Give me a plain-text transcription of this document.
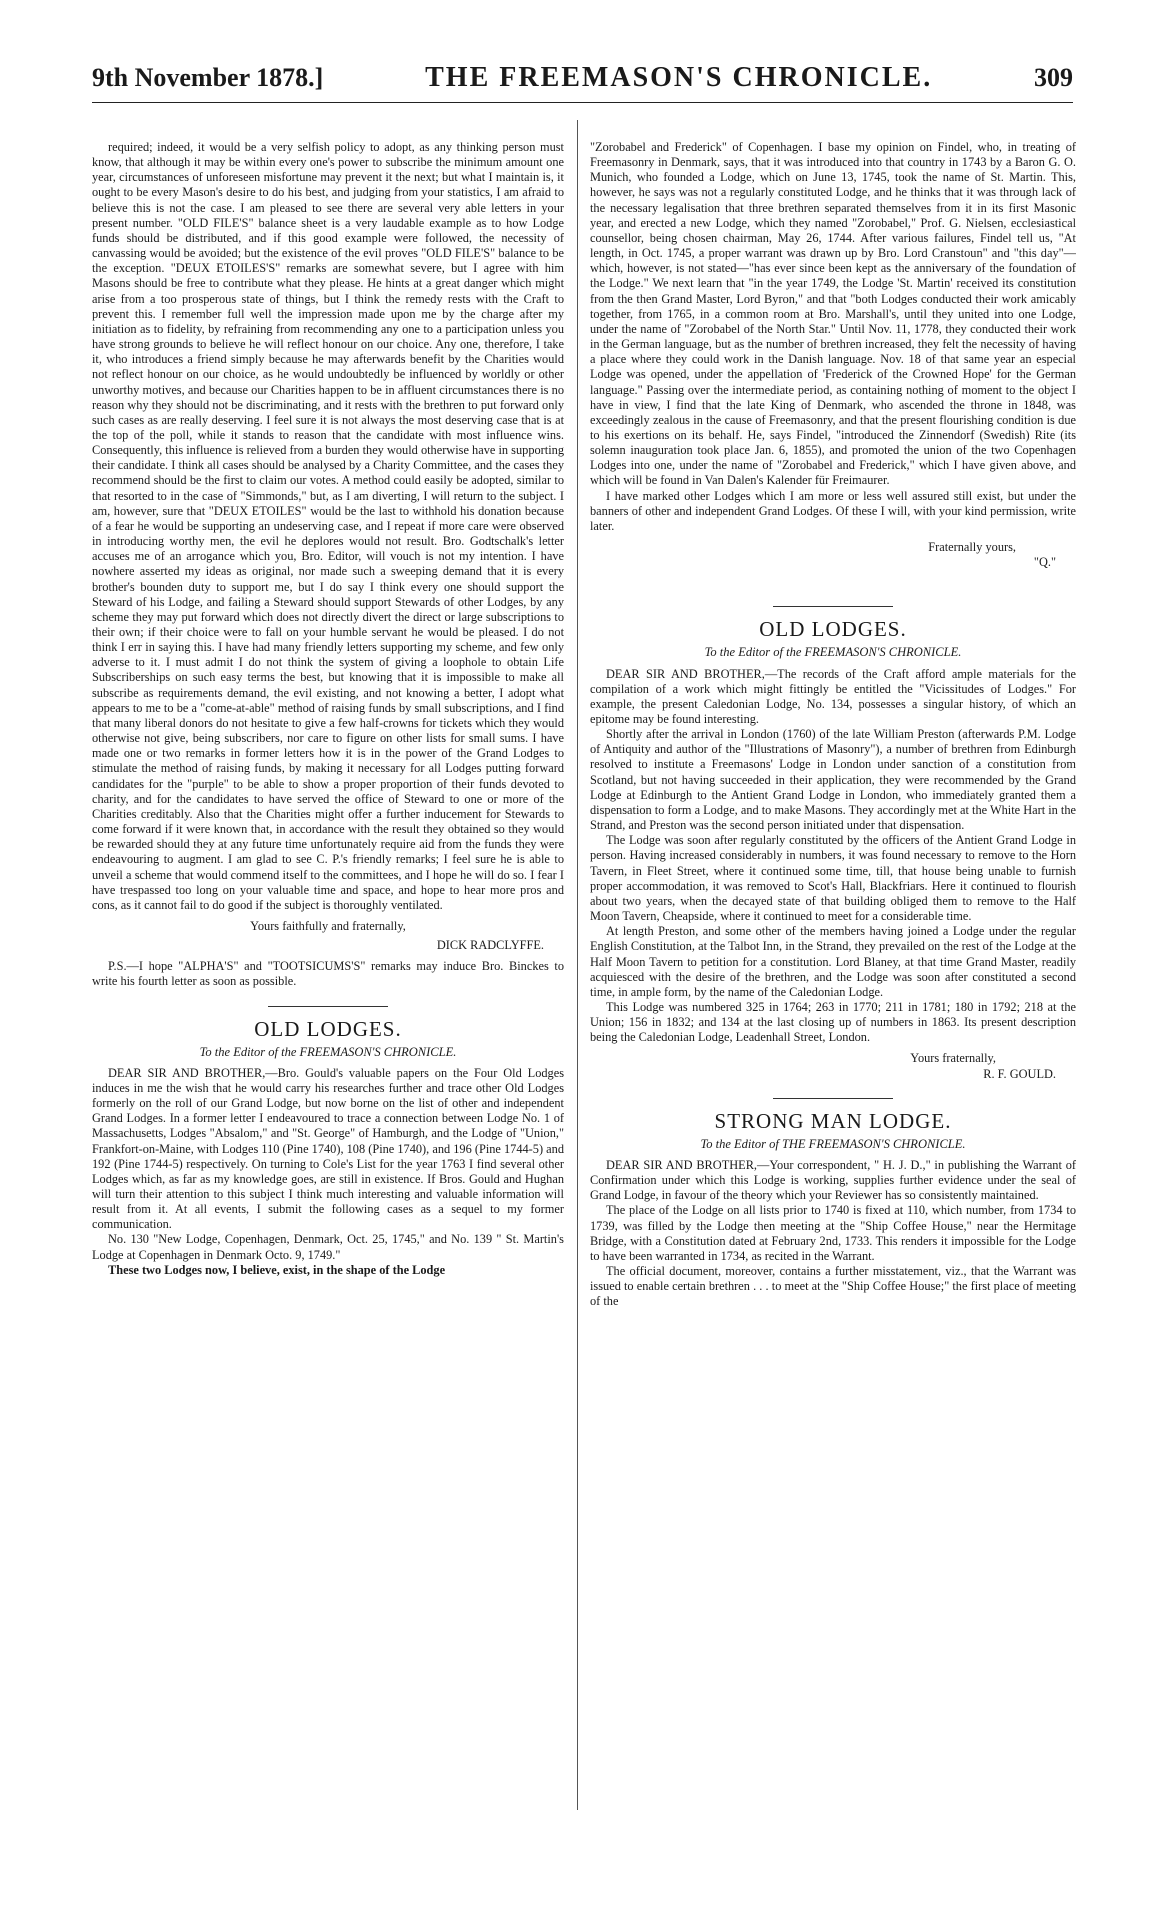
9th November 1878.]	THE FREEMASON'S CHRONICLE.	309

required; indeed, it would be a very selfish policy to adopt, as any thinking person must know, that although it may be within every one's power to subscribe the minimum amount one year, circumstances of unforeseen misfortune may prevent it the next; but what I maintain is, it ought to be every Mason's desire to do his best, and judging from your statistics, I am afraid to believe this is not the case. I am pleased to see there are several very able letters in your present number. "OLD FILE'S" balance sheet is a very laudable example as to how Lodge funds should be distributed, and if this good example were followed, the necessity of canvassing would be avoided; but the existence of the evil proves "OLD FILE'S" balance to be the exception. "DEUX ETOILES'S" remarks are somewhat severe, but I agree with him Masons should be free to contribute what they please. He hints at a great danger which might arise from a too prosperous state of things, but I think the remedy rests with the Craft to prevent this. I remember full well the impression made upon me by the charge after my initiation as to fidelity, by refraining from recommending any one to a participation unless you have strong grounds to believe he will reflect honour on our choice. Any one, therefore, I take it, who introduces a friend simply because he may afterwards benefit by the Charities would not reflect honour on our choice, as he would undoubtedly be influenced by worldly or other unworthy motives, and because our Charities happen to be in affluent circumstances there is no reason why they should not be discriminating, and it rests with the brethren to put forward only such cases as are really deserving. I feel sure it is not always the most deserving case that is at the top of the poll, while it stands to reason that the candidate with most influence wins. Consequently, this influence is relieved from a burden they would otherwise have in supporting their candidate. I think all cases should be analysed by a Charity Committee, and the cases they recommend should be the first to claim our votes. A method could easily be adopted, similar to that resorted to in the case of "Simmonds," but, as I am diverting, I will return to the subject. I am, however, sure that "DEUX ETOILES" would be the last to withhold his donation because of a fear he would be supporting an undeserving case, and I repeat if more care were observed in introducing worthy men, the evil he deplores would not result. Bro. Godtschalk's letter accuses me of an arrogance which you, Bro. Editor, will vouch is not my intention. I have nowhere asserted my ideas as original, nor made such a sweeping demand that it is every brother's bounden duty to support me, but I do say I think every one should support the Steward of his Lodge, and failing a Steward should support Stewards of other Lodges, by any scheme they may put forward which does not directly divert the direct or large subscriptions to their own; if their choice were to fall on your humble servant he would be pleased. I do not think I err in saying this. I have had many friendly letters supporting my scheme, and few only adverse to it. I must admit I do not think the system of giving a loophole to obtain Life Subscriberships on such easy terms the best, but knowing that it is impossible to make all subscribe as requirements demand, the evil existing, and not knowing a better, I adopt what appears to me to be a "come-at-able" method of raising funds by small subscriptions, and I find that many liberal donors do not hesitate to give a few half-crowns for tickets which they would otherwise not give, being subscribers, nor care to figure on other lists for small sums. I have made one or two remarks in former letters how it is in the power of the Grand Lodges to stimulate the method of raising funds, by making it necessary for all Lodges putting forward candidates for the "purple" to be able to show a proper proportion of their funds devoted to charity, and for the candidates to have served the office of Steward to one or more of the Charities creditably. Also that the Charities might offer a further inducement for Stewards to come forward if it were known that, in accordance with the result they obtained so they would be rewarded should they at any future time unfortunately require aid from the funds they were endeavouring to augment. I am glad to see C. P.'s friendly remarks; I feel sure he is able to unveil a scheme that would commend itself to the committees, and I hope he will do so. I fear I have trespassed too long on your valuable time and space, and hope to hear more pros and cons, as it cannot fail to do good if the subject is thoroughly ventilated.

Yours faithfully and fraternally,

DICK RADCLYFFE.

P.S.—I hope "ALPHA'S" and "TOOTSICUMS'S" remarks may induce Bro. Binckes to write his fourth letter as soon as possible.

OLD LODGES.

To the Editor of the FREEMASON'S CHRONICLE.

DEAR SIR AND BROTHER,—Bro. Gould's valuable papers on the Four Old Lodges induces in me the wish that he would carry his researches further and trace other Old Lodges formerly on the roll of our Grand Lodge, but now borne on the list of other and independent Grand Lodges. In a former letter I endeavoured to trace a connection between Lodge No. 1 of Massachusetts, Lodges "Absalom," and "St. George" of Hamburgh, and the Lodge of "Union," Frankfort-on-Maine, with Lodges 110 (Pine 1740), 108 (Pine 1740), and 196 (Pine 1744-5) and 192 (Pine 1744-5) respectively. On turning to Cole's List for the year 1763 I find several other Lodges which, as far as my knowledge goes, are still in existence. If Bros. Gould and Hughan will turn their attention to this subject I think much interesting and valuable information will result from it. At all events, I submit the following cases as a sequel to my former communication.

No. 130 "New Lodge, Copenhagen, Denmark, Oct. 25, 1745," and No. 139 " St. Martin's Lodge at Copenhagen in Denmark Octo. 9, 1749."

These two Lodges now, I believe, exist, in the shape of the Lodge

"Zorobabel and Frederick" of Copenhagen. I base my opinion on Findel, who, in treating of Freemasonry in Denmark, says, that it was introduced into that country in 1743 by a Baron G. O. Munich, who founded a Lodge, which on June 13, 1745, took the name of St. Martin. This, however, he says was not a regularly constituted Lodge, and he thinks that it was through lack of the necessary legalisation that three brethren separated themselves from it in its first Masonic year, and erected a new Lodge, which they named "Zorobabel," Prof. G. Nielsen, ecclesiastical counsellor, being chosen chairman, May 26, 1744. After various failures, Findel tell us, "At length, in Oct. 1745, a proper warrant was drawn up by Bro. Lord Cranstoun" and "this day"—which, however, is not stated—"has ever since been kept as the anniversary of the foundation of the Lodge." We next learn that "in the year 1749, the Lodge 'St. Martin' received its constitution from the then Grand Master, Lord Byron," and that "both Lodges conducted their work amicably together, from 1765, in a common room at Bro. Marshall's, until they united into one Lodge, under the name of "Zorobabel of the North Star." Until Nov. 11, 1778, they conducted their work in the German language, but as the number of brethren increased, they felt the necessity of having a place where they could work in the Danish language. Nov. 18 of that same year an especial Lodge was opened, under the appellation of 'Frederick of the Crowned Hope' for the German language." Passing over the intermediate period, as containing nothing of moment to the object I have in view, I find that the late King of Denmark, who ascended the throne in 1848, was exceedingly zealous in the cause of Freemasonry, and that the present flourishing condition is due to his exertions on its behalf. He, says Findel, "introduced the Zinnendorf (Swedish) Rite (its solemn inauguration took place Jan. 6, 1855), and promoted the union of the two Copenhagen Lodges into one, under the name of "Zorobabel and Frederick," which I have given above, and which will be found in Van Dalen's Kalender für Freimaurer.

I have marked other Lodges which I am more or less well assured still exist, but under the banners of other and independent Grand Lodges. Of these I will, with your kind permission, write later.

Fraternally yours,

"Q."

OLD LODGES.

To the Editor of the FREEMASON'S CHRONICLE.

DEAR SIR AND BROTHER,—The records of the Craft afford ample materials for the compilation of a work which might fittingly be entitled the "Vicissitudes of Lodges." For example, the present Caledonian Lodge, No. 134, possesses a singular history, of which an epitome may be found interesting.

Shortly after the arrival in London (1760) of the late William Preston (afterwards P.M. Lodge of Antiquity and author of the "Illustrations of Masonry"), a number of brethren from Edinburgh resolved to institute a Freemasons' Lodge in London under sanction of a constitution from Scotland, but not having succeeded in their application, they were recommended by the Grand Lodge at Edinburgh to the Antient Grand Lodge in London, who immediately granted them a dispensation to form a Lodge, and to make Masons. They accordingly met at the White Hart in the Strand, and Preston was the second person initiated under that dispensation.

The Lodge was soon after regularly constituted by the officers of the Antient Grand Lodge in person. Having increased considerably in numbers, it was found necessary to remove to the Horn Tavern, in Fleet Street, where it continued some time, till, that house being unable to furnish proper accommodation, it was removed to Scot's Hall, Blackfriars. Here it continued to flourish about two years, when the decayed state of that building obliged them to remove to the Half Moon Tavern, Cheapside, where it continued to meet for a considerable time.

At length Preston, and some other of the members having joined a Lodge under the regular English Constitution, at the Talbot Inn, in the Strand, they prevailed on the rest of the Lodge at the Half Moon Tavern to petition for a constitution. Lord Blaney, at that time Grand Master, readily acquiesced with the desire of the brethren, and the Lodge was soon after constituted a second time, in ample form, by the name of the Caledonian Lodge.

This Lodge was numbered 325 in 1764; 263 in 1770; 211 in 1781; 180 in 1792; 218 at the Union; 156 in 1832; and 134 at the last closing up of numbers in 1863. Its present description being the Caledonian Lodge, Leadenhall Street, London.

Yours fraternally,

R. F. GOULD.

STRONG MAN LODGE.

To the Editor of THE FREEMASON'S CHRONICLE.

DEAR SIR AND BROTHER,—Your correspondent, " H. J. D.," in publishing the Warrant of Confirmation under which this Lodge is working, supplies further evidence under the seal of Grand Lodge, in favour of the theory which your Reviewer has so consistently maintained.

The place of the Lodge on all lists prior to 1740 is fixed at 110, which number, from 1734 to 1739, was filled by the Lodge then meeting at the "Ship Coffee House," near the Hermitage Bridge, with a Constitution dated at February 2nd, 1733. This renders it impossible for the Lodge to have been warranted in 1734, as recited in the Warrant.

The official document, moreover, contains a further misstatement, viz., that the Warrant was issued to enable certain brethren . . . to meet at the "Ship Coffee House;" the first place of meeting of the
